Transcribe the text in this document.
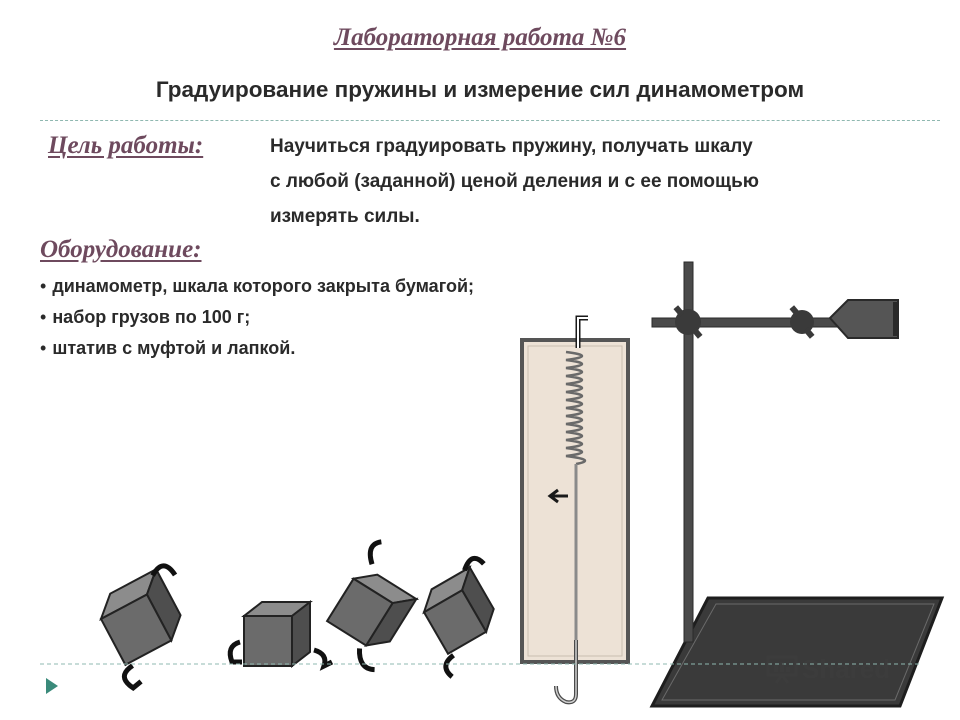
Лабораторная работа №6
Градуирование пружины и измерение сил динамометром
Цель работы:	Научиться градуировать пружину, получать шкалу
с любой (заданной) ценой деления и с ее помощью
измерять силы.
Оборудование:
• динамометр, шкала которого закрыта бумагой;
• набор грузов по 100 г;
• штатив с муфтой и лапкой.
Shared
